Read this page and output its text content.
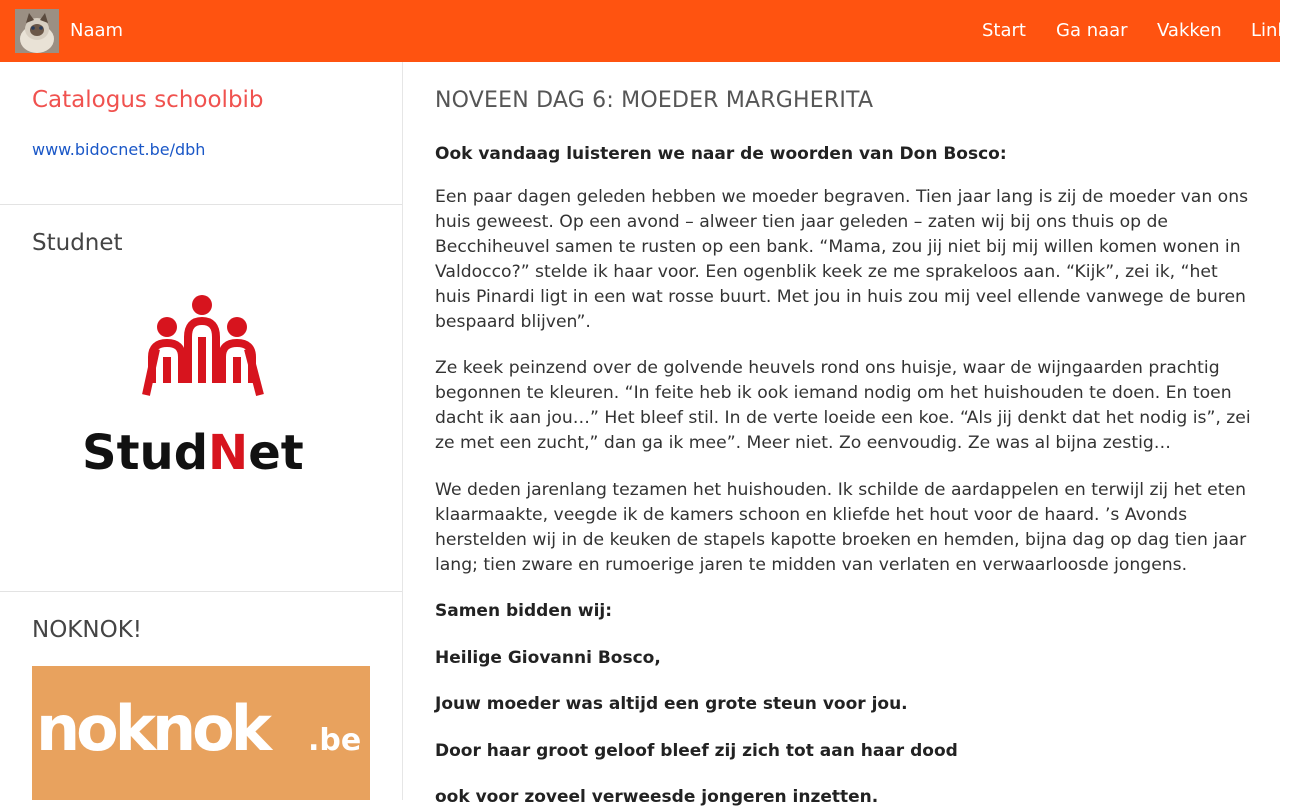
Naam	Start Ga naar Vakken Links
Catalogus schoolbib
www.bidocnet.be/dbh
Studnet
StudNet
NOKNOK!
noknok .be
NOVEEN DAG 6: MOEDER MARGHERITA

Ook vandaag luisteren we naar de woorden van Don Bosco:

Een paar dagen geleden hebben we moeder begraven. Tien jaar lang is zij de moeder van ons huis geweest. Op een avond – alweer tien jaar geleden – zaten wij bij ons thuis op de Becchiheuvel samen te rusten op een bank. “Mama, zou jij niet bij mij willen komen wonen in Valdocco?” stelde ik haar voor. Een ogenblik keek ze me sprakeloos aan. “Kijk”, zei ik, “het huis Pinardi ligt in een wat rosse buurt. Met jou in huis zou mij veel ellende vanwege de buren bespaard blijven”.

Ze keek peinzend over de golvende heuvels rond ons huisje, waar de wijngaarden prachtig begonnen te kleuren. “In feite heb ik ook iemand nodig om het huishouden te doen. En toen dacht ik aan jou…” Het bleef stil. In de verte loeide een koe. “Als jij denkt dat het nodig is”, zei ze met een zucht,” dan ga ik mee”. Meer niet. Zo eenvoudig. Ze was al bijna zestig…

We deden jarenlang tezamen het huishouden. Ik schilde de aardappelen en terwijl zij het eten klaarmaakte, veegde ik de kamers schoon en kliefde het hout voor de haard. ’s Avonds herstelden wij in de keuken de stapels kapotte broeken en hemden, bijna dag op dag tien jaar lang; tien zware en rumoerige jaren te midden van verlaten en verwaarloosde jongens.

Samen bidden wij:

Heilige Giovanni Bosco,

Jouw moeder was altijd een grote steun voor jou.

Door haar groot geloof bleef zij zich tot aan haar dood

ook voor zoveel verweesde jongeren inzetten.
